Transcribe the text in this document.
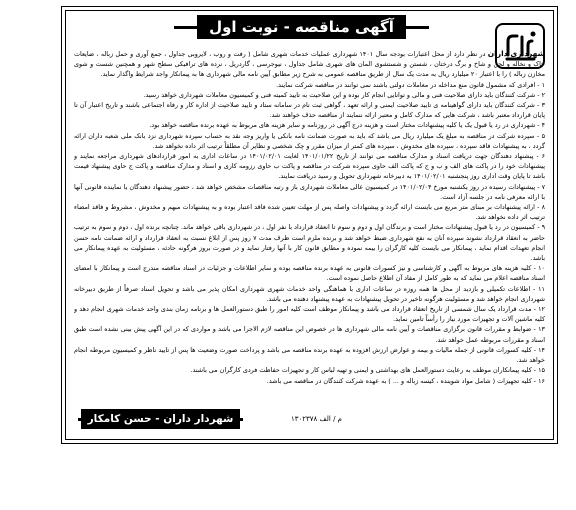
آگهی مناقصه - نوبت اول

شهرداری داران در نظر دارد از محل اعتبارات بودجه سال ۱۴۰۱ شهرداری عملیات خدمات شهری شامل ( رفت و روب ، لایروبی جداول ، جمع آوری و حمل زباله ، ضایعات خاک و نخاله و لجن و شاخ و برگ درختان ، شستن و شستشوی المان های شهری شامل جداول ، نیوجرسی ، گاردریل ، نرده های ترافیکی سطح شهر و همچنین شست و شوی مخازن زباله ) را با اعتبار ۲۰ میلیارد ریال به مدت یک سال از طریق مناقصه عمومی به شرح زیر مطابق آیین نامه مالی شهرداری ها به پیمانکار واجد شرایط واگذار نماید.

۱ - افرادی که مشمول قانون منع مداخله در معاملات دولتی باشند نمی توانند در مناقصه شرکت نمایند.

۲ - شرکت کنندگان باید دارای صلاحیت فنی و مالی و توانایی انجام کار بوده و این صلاحیت به تایید کمیته فنی و کمیسیون معاملات شهرداری خواهد رسید.

۳ - شرکت کنندگان باید دارای گواهینامه ی تایید صلاحیت ایمنی و ارائه تعهد ، گواهی ثبت نام در سامانه ستاد و تایید صلاحیت از اداره کار و رفاه اجتماعی باشند و تاریخ اعتبار آن تا پایان قرارداد معتبر باشد ، شرکت هایی که مدارک کامل و معتبر ارائه ننمایند از مناقصه حذف خواهند شد.

۴ - شهرداری در رد یا قبول یک یا کلیه پیشنهادات مختار است و هزینه درج آگهی در روزنامه و سایر هزینه های مربوط به عهده برنده مناقصه خواهد بود.

۵ - سپرده شرکت در مناقصه به مبلغ یک میلیارد ریال می باشد که باید به صورت ضمانت نامه بانکی یا واریز وجه نقد به حساب سپرده شهرداری نزد بانک ملی شعبه داران ارائه گردد ، به پیشنهادات فاقد سپرده ، سپرده های مخدوش ، سپرده های کمتر از میزان مقرر و چک شخصی و نظایر آن مطلقاً ترتیب اثر داده نخواهد شد.

۶ - پیشنهاد دهندگان جهت دریافت اسناد و مدارک مناقصه می توانند از تاریخ ۱۴۰۱/۰۱/۲۲ لغایت ۱۴۰۱/۰۲/۰۱ در ساعات اداری به امور قراردادهای شهرداری مراجعه نمایند و پیشنهادات خود را در پاکت های الف و ب و ج که پاکت الف حاوی سپرده شرکت در مناقصه و پاکت ب حاوی رزومه کاری و اسناد و مدارک مناقصه و پاکت ج حاوی پیشنهاد قیمت باشد تا پایان وقت اداری روز پنجشنبه ۱۴۰۱/۰۲/۰۱ به دبیرخانه شهرداری تحویل و رسید دریافت نمایند.

۷ - پیشنهادات رسیده در روز یکشنبه مورخ ۱۴۰۱/۰۲/۰۴ در کمیسیون عالی معاملات شهرداری باز و رتبه مناقصات مشخص خواهد شد ، حضور پیشنهاد دهندگان یا نماینده قانونی آنها با ارائه معرفی نامه در جلسه آزاد است.

۸ - ارائه پیشنهادات بر مبنای متر مربع می بایست ارائه گردد و پیشنهادات واصله پس از مهلت تعیین شده فاقد اعتبار بوده و به پیشنهادات مبهم و مخدوش ، مشروط و فاقد امضاء ترتیب اثر داده نخواهد شد.

۹ - کمیسیون در رد یا قبول پیشنهادات مختار است و برندگان اول و دوم و سوم تا انعقاد قرارداد با نفر اول ، در شهرداری باقی خواهد ماند. چنانچه برنده اول ، دوم و سوم به ترتیب حاضر به انعقاد قرارداد نشوند سپرده آنان به نفع شهرداری ضبط خواهد شد و برنده ملزم است ظرف مدت ۷ روز پس از ابلاغ نسبت به انعقاد قرارداد و ارائه ضمانت نامه حسن انجام تعهدات اقدام نماید ، پیمانکار می بایست کلیه کارگران را بیمه نموده و مطابق قانون کار با آنها رفتار نماید و در صورت بروز هرگونه حادثه ، مسئولیت به عهده پیمانکار می باشد.

۱۰ - کلیه هزینه های مربوط به آگهی و کارشناسی و نیز کسورات قانونی به عهده برنده مناقصه بوده و سایر اطلاعات و جزئیات در اسناد مناقصه مندرج است و پیمانکار با امضای اسناد مناقصه اعلام می نماید که به طور کامل از مفاد آن اطلاع حاصل نموده است.

۱۱ - اطلاعات تکمیلی و بازدید از محل ها همه روزه در ساعات اداری با هماهنگی واحد خدمات شهری شهرداری امکان پذیر می باشد و تحویل اسناد صرفاً از طریق دبیرخانه شهرداری انجام خواهد شد و مسئولیت هرگونه تاخیر در تحویل پیشنهادات به عهده پیشنهاد دهنده می باشد.

۱۲ - مدت قرارداد یک سال شمسی از تاریخ انعقاد قرارداد می باشد و پیمانکار موظف است کلیه امور را طبق دستورالعمل ها و برنامه زمان بندی واحد خدمات شهری انجام دهد و کلیه ماشین آلات و تجهیزات مورد نیاز را رأساً تامین نماید.

۱۳ - ضوابط و مقررات قانون برگزاری مناقصات و آیین نامه مالی شهرداری ها در خصوص این مناقصه لازم الاجرا می باشد و مواردی که در این آگهی پیش بینی نشده است طبق اسناد و مقررات مربوطه عمل خواهد شد.

۱۴ - کلیه کسورات قانونی از جمله مالیات و بیمه و عوارض ارزش افزوده به عهده برنده مناقصه می باشد و پرداخت صورت وضعیت ها پس از تایید ناظر و کمیسیون مربوطه انجام خواهد شد.

۱۵ - کلیه پیمانکاران موظف به رعایت دستورالعمل های بهداشتی و ایمنی و تهیه لباس کار و تجهیزات حفاظت فردی کارگران می باشند.

۱۶ - کلیه تجهیزات ( شامل مواد شوینده ، کیسه زباله و ... ) به عهده شرکت کنندگان در مناقصه می باشد.

م / الف ۱۳۰۲۳۷۸
شهردار داران - حسن کامکار
